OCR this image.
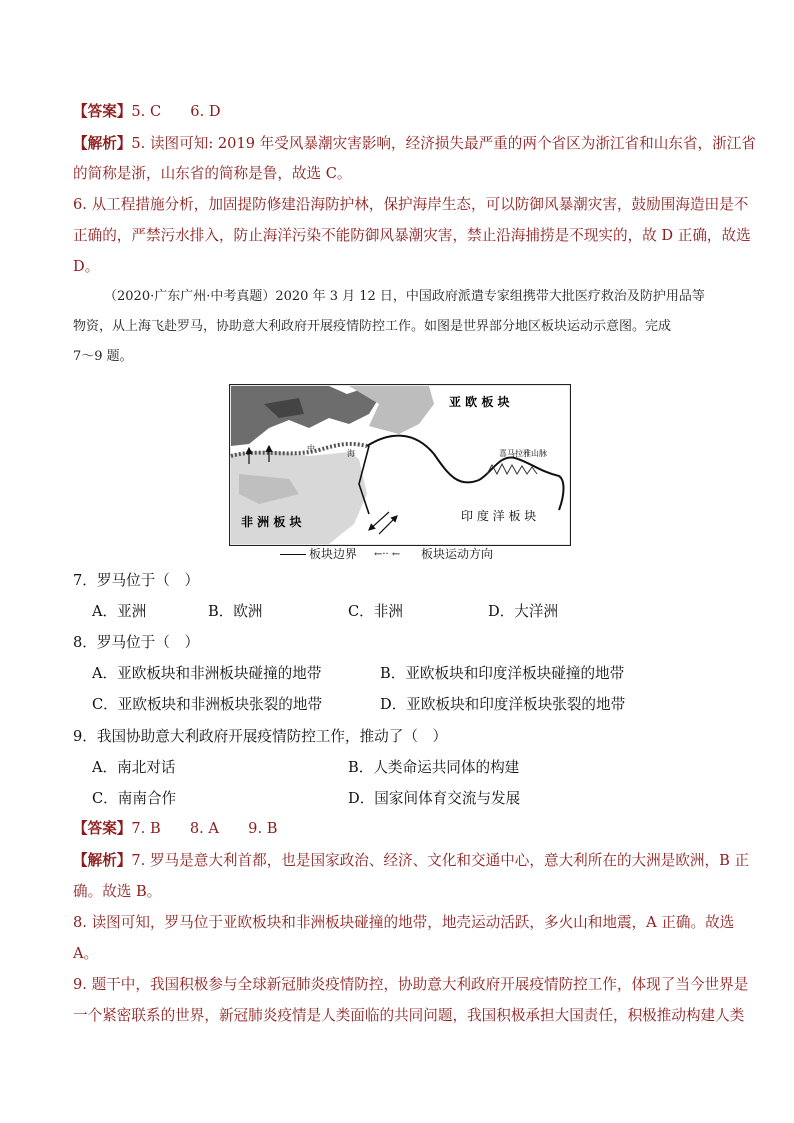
【答案】5. C　　6. D
【解析】5. 读图可知: 2019 年受风暴潮灾害影响，经济损失最严重的两个省区为浙江省和山东省，浙江省
的简称是浙，山东省的简称是鲁，故选 C。
6. 从工程措施分析，加固提防修建沿海防护林，保护海岸生态，可以防御风暴潮灾害，鼓励围海造田是不
正确的，严禁污水排入，防止海洋污染不能防御风暴潮灾害，禁止沿海捕捞是不现实的，故 D 正确，故选
D。
（2020·广东广州·中考真题）2020 年 3 月 12 日，中国政府派遣专家组携带大批医疗救治及防护用品等
物资，从上海飞赴罗马，协助意大利政府开展疫情防控工作。如图是世界部分地区板块运动示意图。完成
7～9 题。
亚 欧 板 块
非 洲 板 块	印 度 洋 板 块
喜马拉雅山脉
中
海
地
板块边界 ←·· ← 板块运动方向
7．罗马位于（　）
A．亚洲	B．欧洲	C．非洲	D．大洋洲
8．罗马位于（　）
A．亚欧板块和非洲板块碰撞的地带	B．亚欧板块和印度洋板块碰撞的地带
C．亚欧板块和非洲板块张裂的地带	D．亚欧板块和印度洋板块张裂的地带
9．我国协助意大利政府开展疫情防控工作，推动了（　）
A．南北对话	B．人类命运共同体的构建
C．南南合作	D．国家间体育交流与发展
【答案】7. B　　8. A　　9. B
【解析】7. 罗马是意大利首都，也是国家政治、经济、文化和交通中心，意大利所在的大洲是欧洲，B 正
确。故选 B。
8. 读图可知，罗马位于亚欧板块和非洲板块碰撞的地带，地壳运动活跃，多火山和地震，A 正确。故选
A。
9. 题干中，我国积极参与全球新冠肺炎疫情防控，协助意大利政府开展疫情防控工作，体现了当今世界是
一个紧密联系的世界，新冠肺炎疫情是人类面临的共同问题，我国积极承担大国责任，积极推动构建人类
